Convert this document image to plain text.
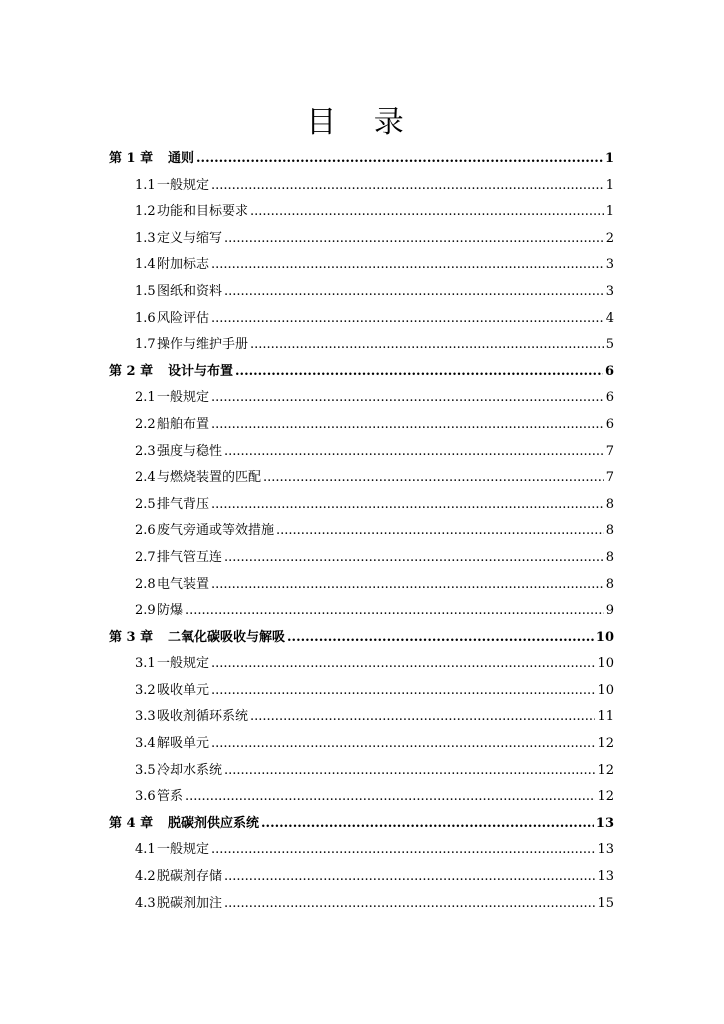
目 录
第 1 章	通则 .....	1
1.1 一般规定 .....	1
1.2 功能和目标要求 .....	1
1.3 定义与缩写 .....	2
1.4 附加标志 .....	3
1.5 图纸和资料 .....	3
1.6 风险评估 .....	4
1.7 操作与维护手册 .....	5
第 2 章	设计与布置 .....	6
2.1 一般规定 .....	6
2.2 船舶布置 .....	6
2.3 强度与稳性 .....	7
2.4 与燃烧装置的匹配 .....	7
2.5 排气背压 .....	8
2.6 废气旁通或等效措施 .....	8
2.7 排气管互连 .....	8
2.8 电气装置 .....	8
2.9 防爆 .....	9
第 3 章	二氧化碳吸收与解吸 .....	10
3.1 一般规定 .....	10
3.2 吸收单元 .....	10
3.3 吸收剂循环系统 .....	11
3.4 解吸单元 .....	12
3.5 冷却水系统 .....	12
3.6 管系 .....	12
第 4 章	脱碳剂供应系统 .....	13
4.1 一般规定 .....	13
4.2 脱碳剂存储 .....	13
4.3 脱碳剂加注 .....	15
